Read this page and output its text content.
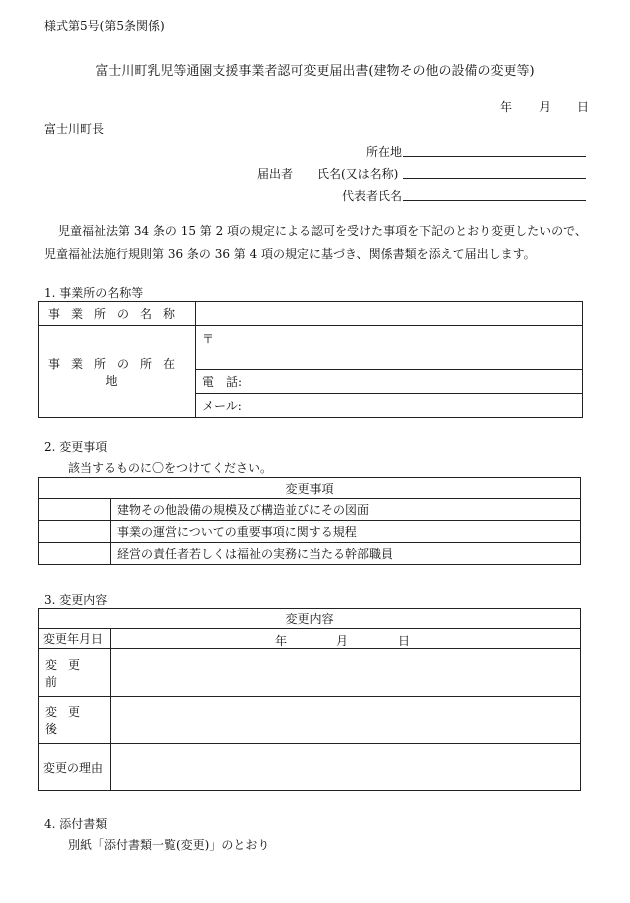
様式第5号(第5条関係)
富士川町乳児等通園支援事業者認可変更届出書(建物その他の設備の変更等)
年 月 日
富士川町長
所在地
届出者 氏名(又は名称)
代表者氏名
児童福祉法第 34 条の 15 第 2 項の規定による認可を受けた事項を下記のとおり変更したいので、
児童福祉法施行規則第 36 条の 36 第 4 項の規定に基づき、関係書類を添えて届出します。
1. 事業所の名称等
事業所の名称	
事業所の所在地	〒
	電　話:
	メール:
2. 変更事項
該当するものに〇をつけてください。
変更事項	
	建物その他設備の規模及び構造並びにその図面
	事業の運営についての重要事項に関する規程
	経営の責任者若しくは福祉の実務に当たる幹部職員
3. 変更内容
変更内容	
変更年月日	年 月 日

変更前	
変更後	
変更の理由	
4. 添付書類
別紙「添付書類一覧(変更)」のとおり
